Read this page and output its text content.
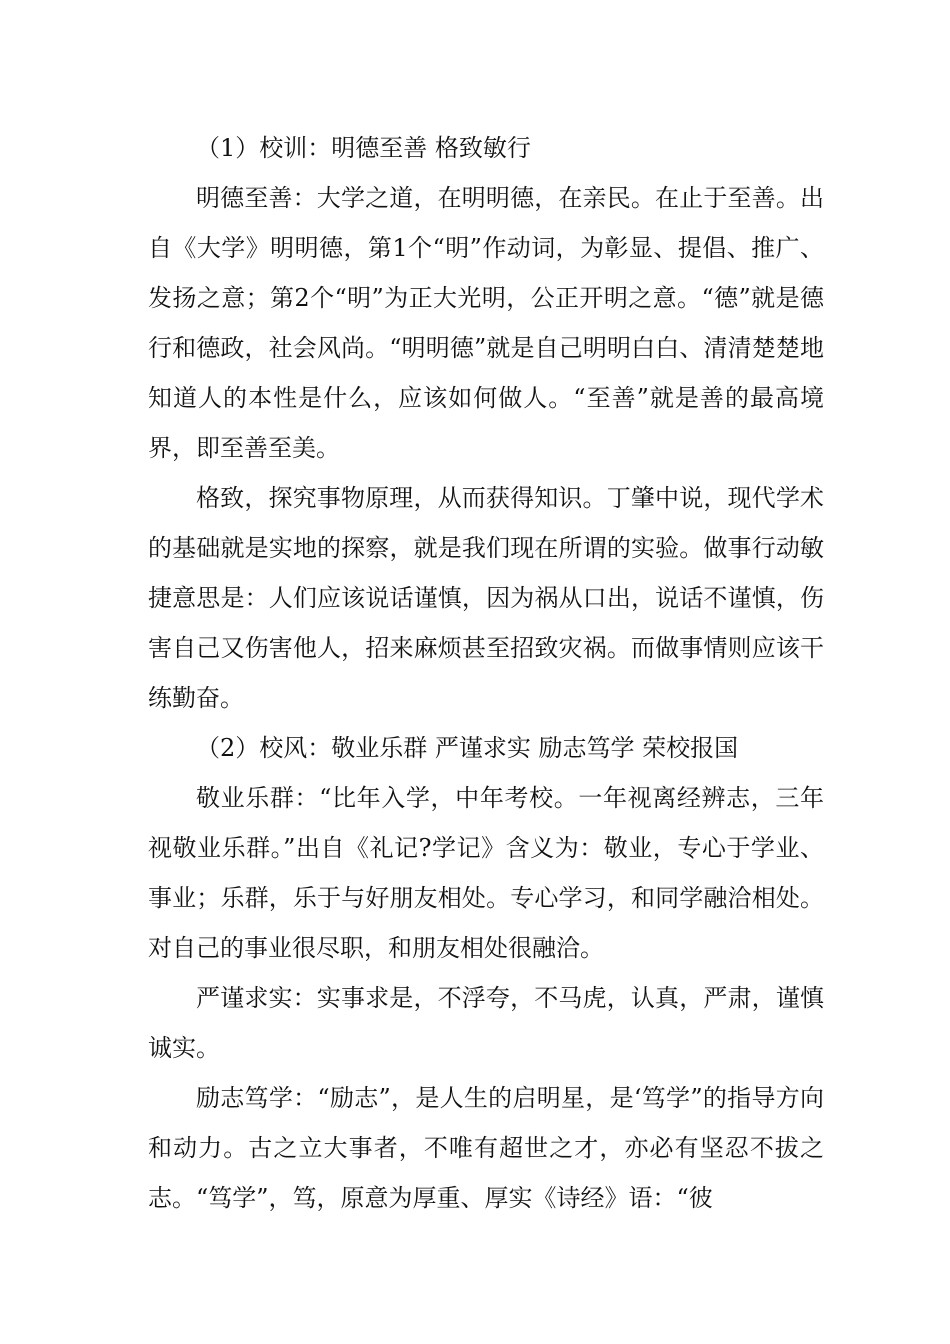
（1）校训：明德至善 格致敏行

明德至善：大学之道，在明明德，在亲民。在止于至善。出自《大学》明明德，第1个“明”作动词，为彰显、提倡、推广、发扬之意；第2个“明”为正大光明，公正开明之意。“德”就是德行和德政，社会风尚。“明明德”就是自己明明白白、清清楚楚地知道人的本性是什么，应该如何做人。“至善”就是善的最高境界，即至善至美。

格致，探究事物原理，从而获得知识。丁肇中说，现代学术的基础就是实地的探察，就是我们现在所谓的实验。做事行动敏捷意思是：人们应该说话谨慎，因为祸从口出，说话不谨慎，伤害自己又伤害他人，招来麻烦甚至招致灾祸。而做事情则应该干练勤奋。

（2）校风：敬业乐群 严谨求实 励志笃学 荣校报国

敬业乐群：“比年入学，中年考校。一年视离经辨志，三年视敬业乐群。”出自《礼记?学记》含义为：敬业，专心于学业、事业；乐群，乐于与好朋友相处。专心学习，和同学融洽相处。对自己的事业很尽职，和朋友相处很融洽。

严谨求实：实事求是，不浮夸，不马虎，认真，严肃，谨慎诚实。

励志笃学：“励志”，是人生的启明星，是‘笃学”的指导方向和动力。古之立大事者，不唯有超世之才，亦必有坚忍不拔之志。“笃学”，笃，原意为厚重、厚实《诗经》语：“彼
